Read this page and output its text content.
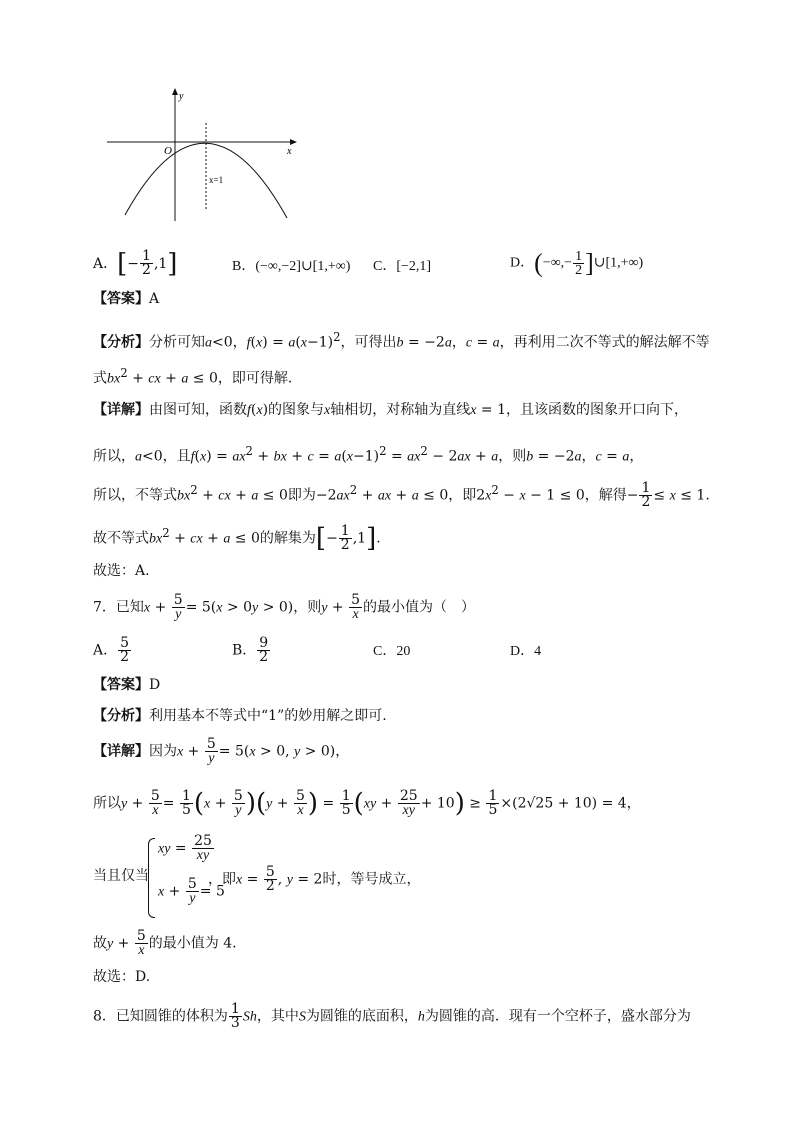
y
x
O
x=1
A．[− $\frac{1}{2} ,1$]	B．(−∞,−2]∪[1,+∞) C．[−2,1]	D．(−∞,− $\frac{1}{2}$ ]∪[1,+∞)
【答案】A
【分析】分析可知a<0，$f(x) = a(x-1)^2$，可得出b = −2a，c = a，再利用二次不等式的解法解不等
式$bx^2$ + cx + a ≤ 0，即可得解.
【详解】由图可知，函数f(x)的图象与x轴相切，对称轴为直线x = 1，且该函数的图象开口向下，
所以，a<0，且$f(x) = ax^2$ + bx + $c = a(x-1)^2 = ax^2 - 2ax + a$，则b = −2a，c = a，
所以，不等式$bx^2$ + cx + a ≤ 0即为$-2ax^2$ + ax + a ≤ 0，即$2x^2 - x - 1 \le 0$，解得− $\frac{1}{2} \le x \le 1$.
故不等式$bx^2$ + cx + a ≤ 0的解集为[− $\frac{1}{2} ,1$].
故选：A.
7．已知$x + \frac{5}{y} = 5(x > 0y > 0)$，则$y + \frac{5}{x}$ 的最小值为（　）
A． $\frac{5}{2}$	B． $\frac{9}{2}$	C．20	D．4
【答案】D
【分析】利用基本不等式中“1”的妙用解之即可.
【详解】因为$x + \frac{5}{y} = 5(x > 0$, y > 0)，
所以$y + \frac{5}{x} = \frac{1}{5} (x + \frac{5}{y} )(y + \frac{5}{x}$ ) = $\frac{1}{5} (xy + \frac{25}{xy} + 10) \ge \frac{1}{5} \times(2√25 + 10) = 4$，
当且仅当
xy = $\frac{25}{xy}$
$x + \frac{5}{y} = 5$
，即$x = \frac{5}{2}$ , y = 2时，等号成立，
故$y + \frac{5}{x}$ 的最小值为 4.
故选：D.
8．已知圆锥的体积为 $\frac{1}{3}$ Sh，其中S为圆锥的底面积，h为圆锥的高．现有一个空杯子，盛水部分为
